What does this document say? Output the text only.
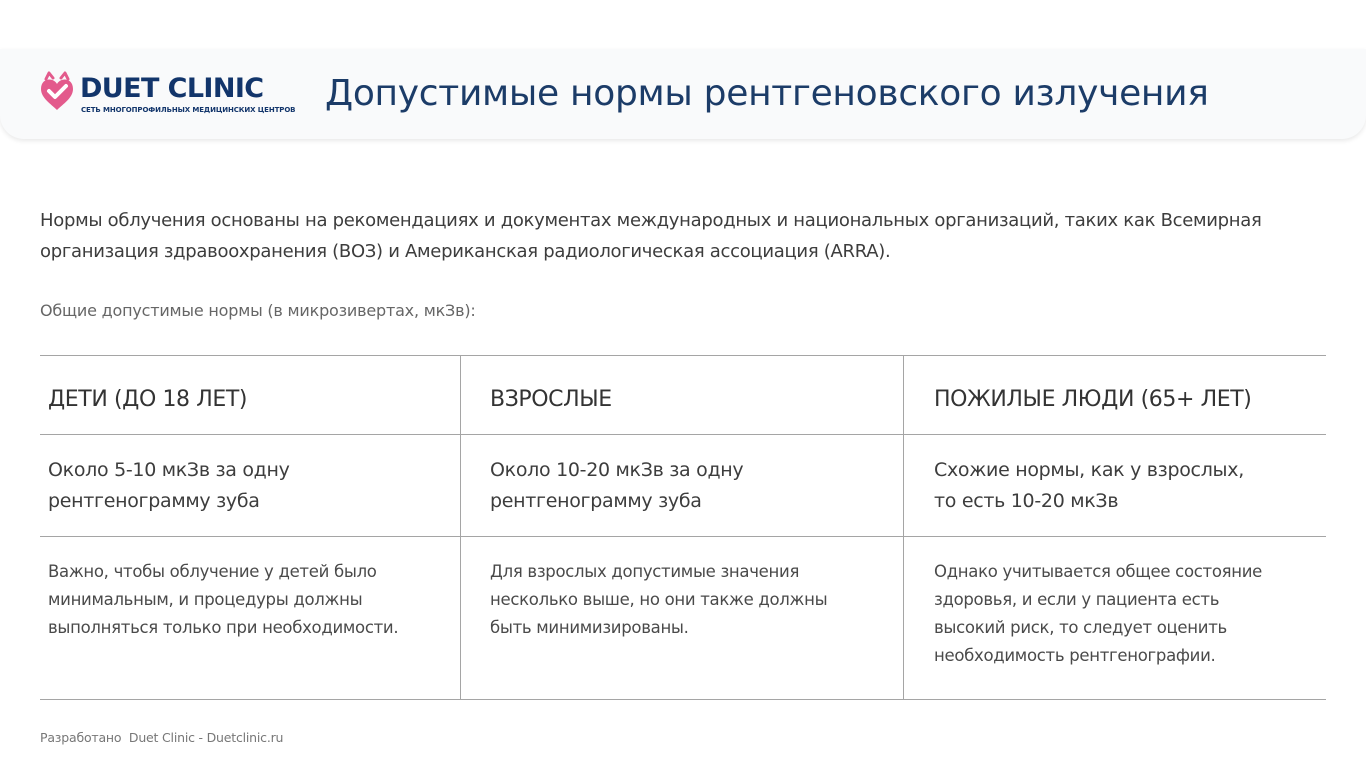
DUET CLINIC
СЕТЬ МНОГОПРОФИЛЬНЫХ МЕДИЦИНСКИХ ЦЕНТРОВ Допустимые нормы рентгеновского излучения

Нормы облучения основаны на рекомендациях и документах международных и национальных организаций, таких как Всемирная организация здравоохранения (ВОЗ) и Американская радиологическая ассоциация (ARRA).

Общие допустимые нормы (в микрозивертах, мкЗв):

ДЕТИ (ДО 18 ЛЕТ)	ВЗРОСЛЫЕ	ПОЖИЛЫЕ ЛЮДИ (65+ ЛЕТ)

Около 5-10 мкЗв за одну
рентгенограмму зуба

Около 10-20 мкЗв за одну
рентгенограмму зуба

Схожие нормы, как у взрослых,
то есть 10-20 мкЗв

Важно, чтобы облучение у детей было
минимальным, и процедуры должны
выполняться только при необходимости.

Для взрослых допустимые значения
несколько выше, но они также должны
быть минимизированы.

Однако учитывается общее состояние
здоровья, и если у пациента есть
высокий риск, то следует оценить
необходимость рентгенографии.

Разработано  Duet Clinic - Duetclinic.ru
